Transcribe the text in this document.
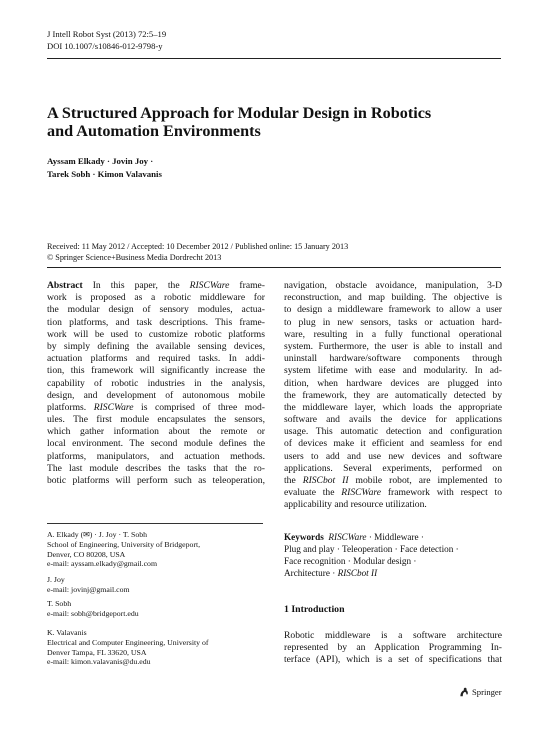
J Intell Robot Syst (2013) 72:5–19
DOI 10.1007/s10846-012-9798-y
A Structured Approach for Modular Design in Robotics
and Automation Environments
Ayssam Elkady · Jovin Joy ·
Tarek Sobh · Kimon Valavanis
Received: 11 May 2012 / Accepted: 10 December 2012 / Published online: 15 January 2013
© Springer Science+Business Media Dordrecht 2013
Abstract In this paper, the RISCWare frame-
work is proposed as a robotic middleware for
the modular design of sensory modules, actua-
tion platforms, and task descriptions. This frame-
work will be used to customize robotic platforms
by simply defining the available sensing devices,
actuation platforms and required tasks. In addi-
tion, this framework will significantly increase the
capability of robotic industries in the analysis,
design, and development of autonomous mobile
platforms. RISCWare is comprised of three mod-
ules. The first module encapsulates the sensors,
which gather information about the remote or
local environment. The second module defines the
platforms, manipulators, and actuation methods.
The last module describes the tasks that the ro-
botic platforms will perform such as teleoperation,
navigation, obstacle avoidance, manipulation, 3-D
reconstruction, and map building. The objective is
to design a middleware framework to allow a user
to plug in new sensors, tasks or actuation hard-
ware, resulting in a fully functional operational
system. Furthermore, the user is able to install and
uninstall hardware/software components through
system lifetime with ease and modularity. In ad-
dition, when hardware devices are plugged into
the framework, they are automatically detected by
the middleware layer, which loads the appropriate
software and avails the device for applications
usage. This automatic detection and configuration
of devices make it efficient and seamless for end
users to add and use new devices and software
applications. Several experiments, performed on
the RISCbot II mobile robot, are implemented to
evaluate the RISCWare framework with respect to
applicability and resource utilization.
A. Elkady (✉) · J. Joy · T. Sobh
School of Engineering, University of Bridgeport,
Denver, CO 80208, USA
e-mail: ayssam.elkady@gmail.com
J. Joy
e-mail: jovinj@gmail.com
T. Sobh
e-mail: sobh@bridgeport.edu
K. Valavanis
Electrical and Computer Engineering, University of
Denver Tampa, FL 33620, USA
e-mail: kimon.valavanis@du.edu
Keywords RISCWare · Middleware ·
Plug and play · Teleoperation · Face detection ·
Face recognition · Modular design ·
Architecture · RISCbot II
1 Introduction
Robotic middleware is a software architecture
represented by an Application Programming In-
terface (API), which is a set of specifications that
Springer
